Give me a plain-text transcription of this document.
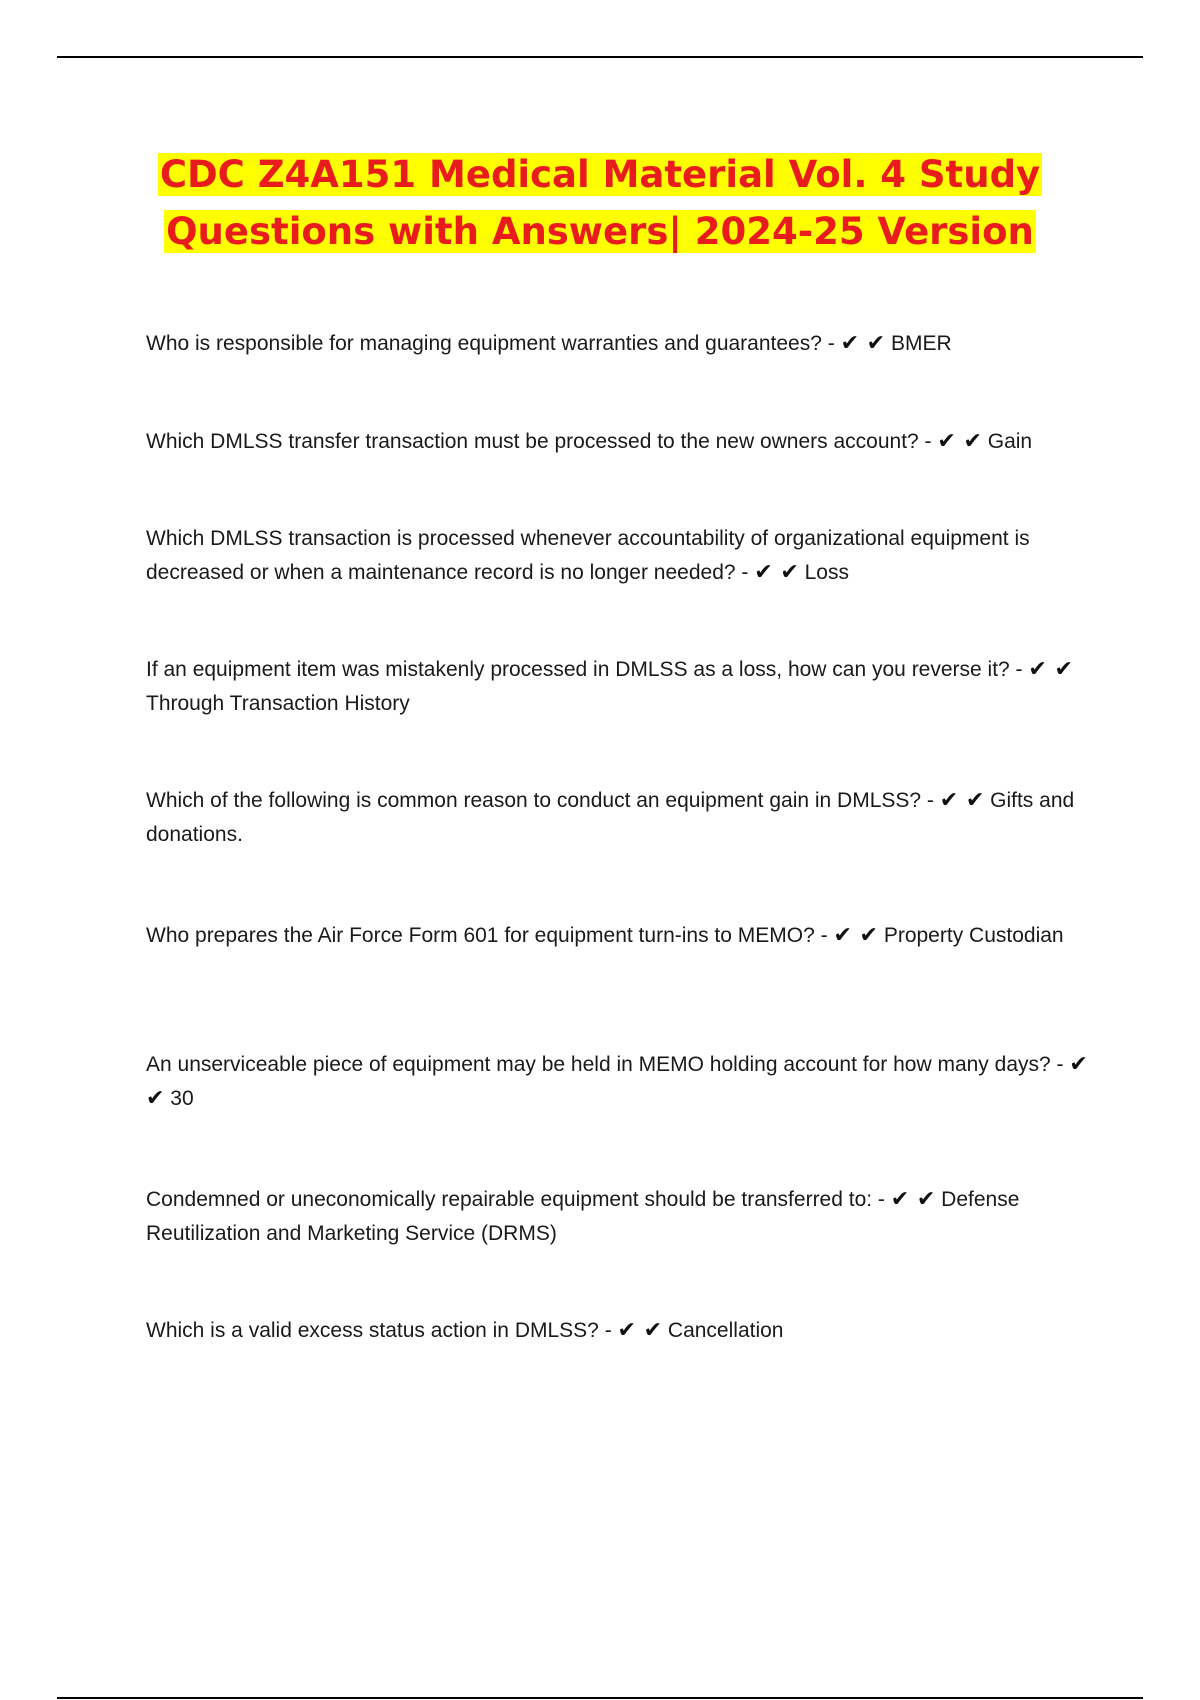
CDC Z4A151 Medical Material Vol. 4 Study
Questions with Answers| 2024-25 Version

Who is responsible for managing equipment warranties and guarantees? - ✔ ✔ BMER

Which DMLSS transfer transaction must be processed to the new owners account? - ✔ ✔ Gain

Which DMLSS transaction is processed whenever accountability of organizational equipment is decreased or when a maintenance record is no longer needed? - ✔ ✔ Loss

If an equipment item was mistakenly processed in DMLSS as a loss, how can you reverse it? - ✔ ✔ Through Transaction History

Which of the following is common reason to conduct an equipment gain in DMLSS? - ✔ ✔ Gifts and donations.

Who prepares the Air Force Form 601 for equipment turn-ins to MEMO? - ✔ ✔ Property Custodian

An unserviceable piece of equipment may be held in MEMO holding account for how many days? - ✔ ✔ 30

Condemned or uneconomically repairable equipment should be transferred to: - ✔ ✔ Defense Reutilization and Marketing Service (DRMS)

Which is a valid excess status action in DMLSS? - ✔ ✔ Cancellation
